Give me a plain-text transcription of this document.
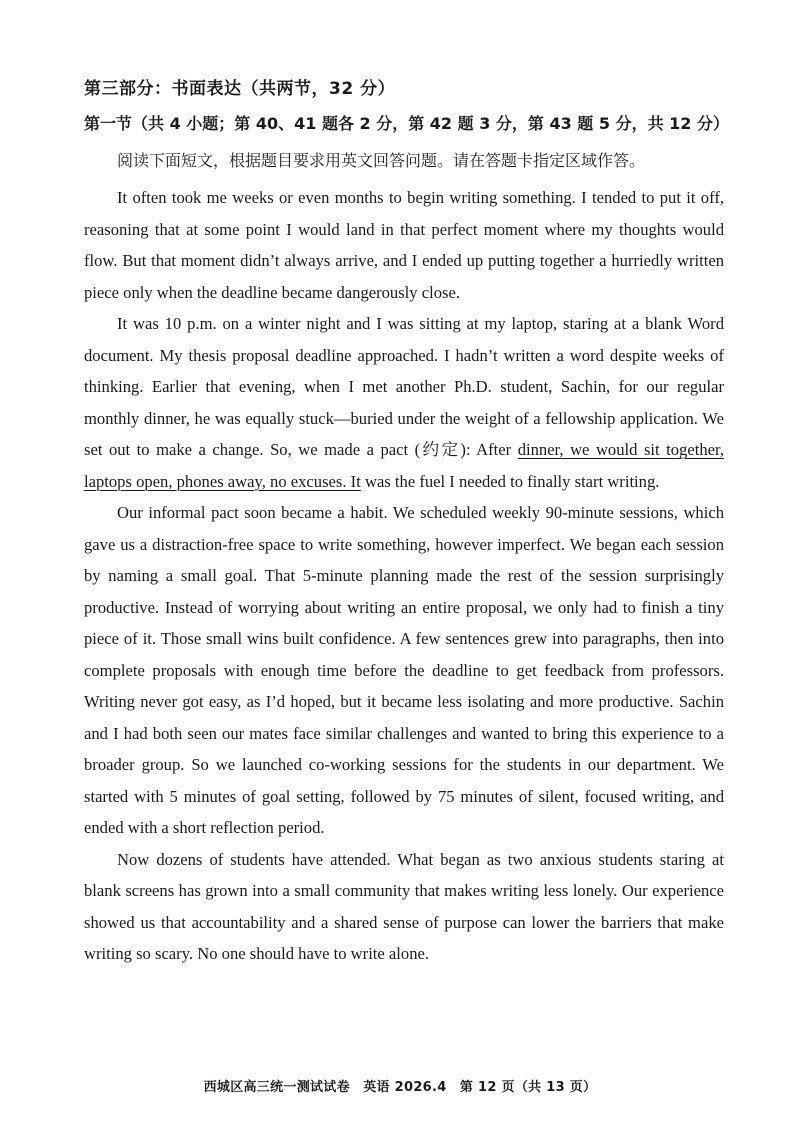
第三部分：书面表达（共两节，32 分）
第一节（共 4 小题；第 40、41 题各 2 分，第 42 题 3 分，第 43 题 5 分，共 12 分）
阅读下面短文，根据题目要求用英文回答问题。请在答题卡指定区域作答。

It often took me weeks or even months to begin writing something. I tended to put it off, reasoning that at some point I would land in that perfect moment where my thoughts would flow. But that moment didn’t always arrive, and I ended up putting together a hurriedly written piece only when the deadline became dangerously close.

It was 10 p.m. on a winter night and I was sitting at my laptop, staring at a blank Word document. My thesis proposal deadline approached. I hadn’t written a word despite weeks of thinking. Earlier that evening, when I met another Ph.D. student, Sachin, for our regular monthly dinner, he was equally stuck—buried under the weight of a fellowship application. We set out to make a change. So, we made a pact (约定): After dinner, we would sit together, laptops open, phones away, no excuses. It was the fuel I needed to finally start writing.

Our informal pact soon became a habit. We scheduled weekly 90-minute sessions, which gave us a distraction-free space to write something, however imperfect. We began each session by naming a small goal. That 5-minute planning made the rest of the session surprisingly productive. Instead of worrying about writing an entire proposal, we only had to finish a tiny piece of it. Those small wins built confidence. A few sentences grew into paragraphs, then into complete proposals with enough time before the deadline to get feedback from professors. Writing never got easy, as I’d hoped, but it became less isolating and more productive. Sachin and I had both seen our mates face similar challenges and wanted to bring this experience to a broader group. So we launched co-working sessions for the students in our department. We started with 5 minutes of goal setting, followed by 75 minutes of silent, focused writing, and ended with a short reflection period.

Now dozens of students have attended. What began as two anxious students staring at blank screens has grown into a small community that makes writing less lonely. Our experience showed us that accountability and a shared sense of purpose can lower the barriers that make writing so scary. No one should have to write alone.

西城区高三统一测试试卷　英语 2026.4　第 12 页（共 13 页）
